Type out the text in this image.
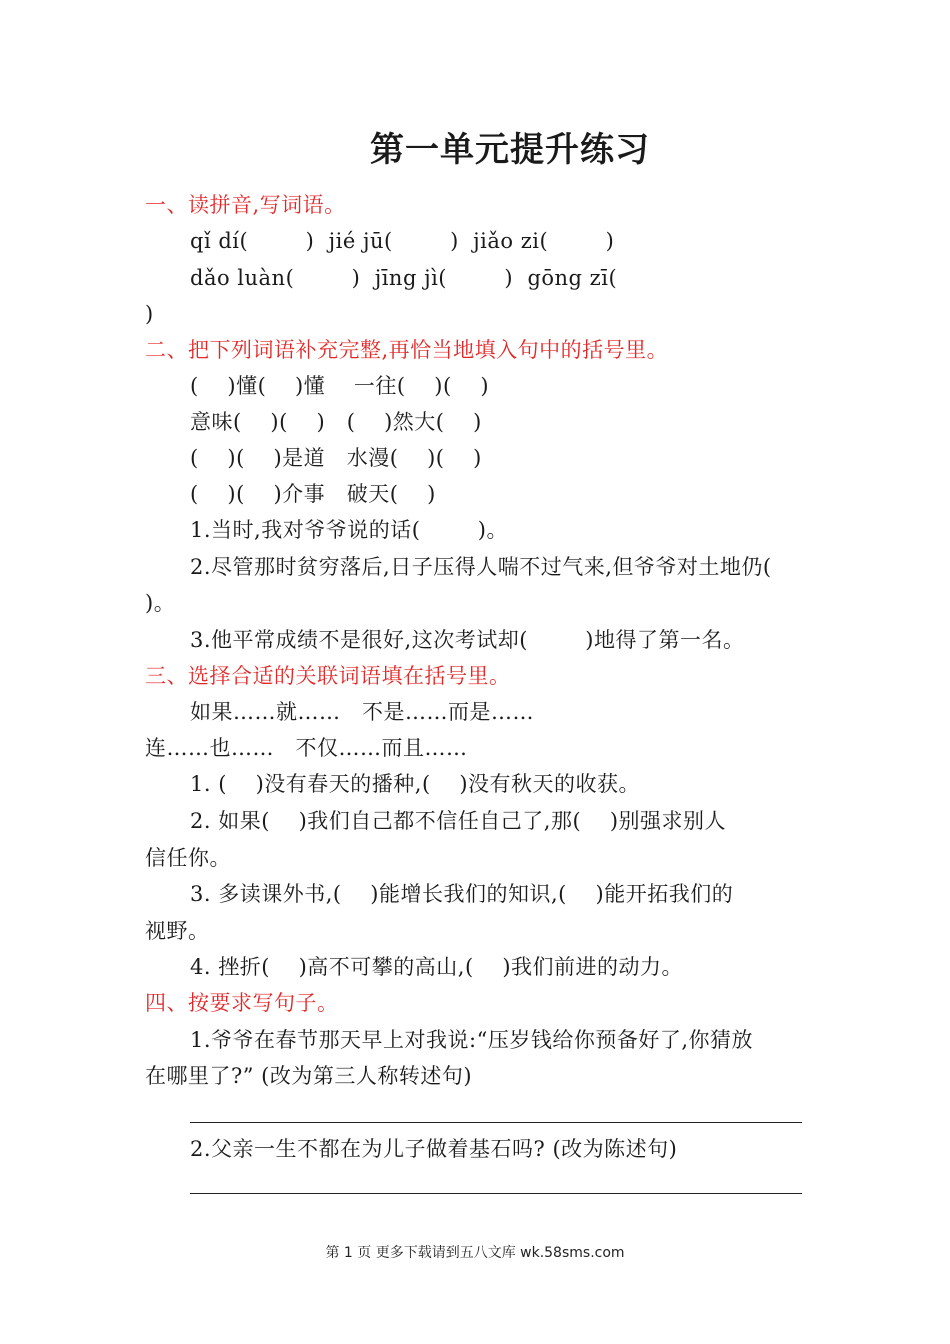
第一单元提升练习
一、读拼音,写词语。
qǐ dí(        )  jié jū(        )  jiǎo zi(        )
dǎo luàn(        )  jīng jì(        )  gōng zī(
)
二、把下列词语补充完整,再恰当地填入句中的括号里。
(    )懂(    )懂    一往(    )(    )
意味(    )(    )   (    )然大(    )
(    )(    )是道   水漫(    )(    )
(    )(    )介事   破天(    )
1.当时,我对爷爷说的话(        )。
2.尽管那时贫穷落后,日子压得人喘不过气来,但爷爷对土地仍(
)。
3.他平常成绩不是很好,这次考试却(        )地得了第一名。
三、选择合适的关联词语填在括号里。
如果……就……   不是……而是……
连……也……   不仅……而且……
1. (    )没有春天的播种,(    )没有秋天的收获。
2. 如果(    )我们自己都不信任自己了,那(    )别强求别人
信任你。
3. 多读课外书,(    )能增长我们的知识,(    )能开拓我们的
视野。
4. 挫折(    )高不可攀的高山,(    )我们前进的动力。
四、按要求写句子。
1.爷爷在春节那天早上对我说:“压岁钱给你预备好了,你猜放
在哪里了?” (改为第三人称转述句)
2.父亲一生不都在为儿子做着基石吗? (改为陈述句)
第 1 页 更多下载请到五八文库 wk.58sms.com
